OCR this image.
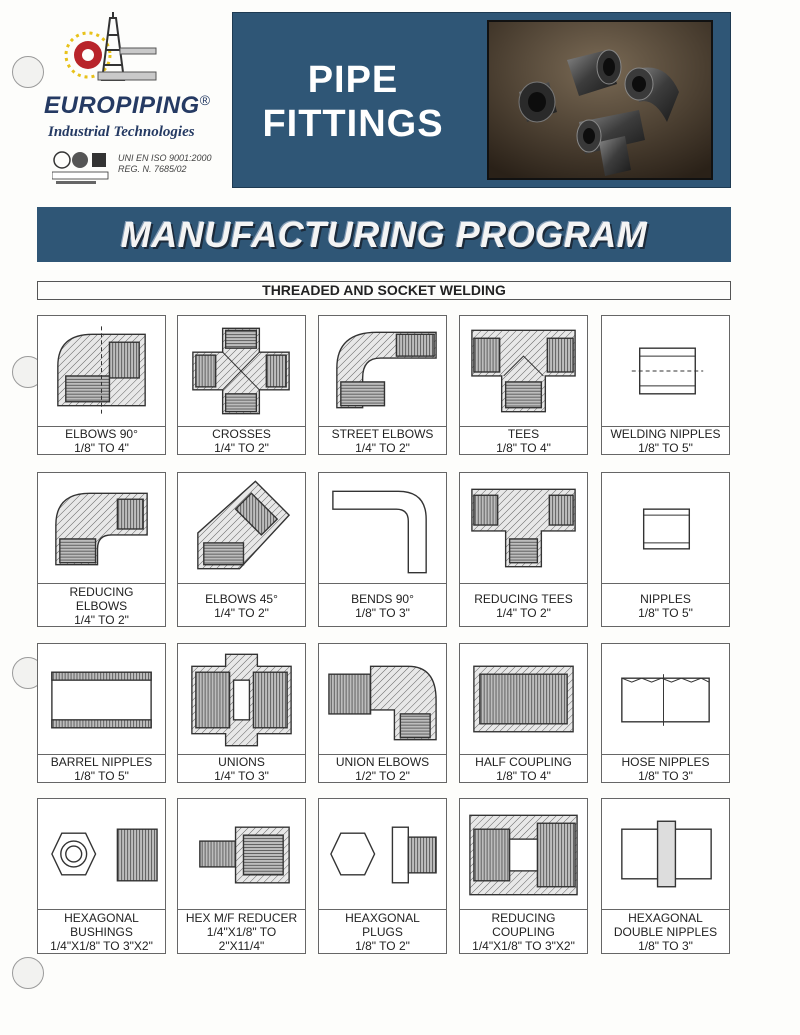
EUROPIPING®
Industrial Technologies
UNI EN ISO 9001:2000
REG. N. 7685/02
PIPE
FITTINGS
MANUFACTURING PROGRAM
THREADED AND SOCKET WELDING
ELBOWS 90°
1/8" TO 4"
CROSSES
1/4" TO 2"
STREET ELBOWS
1/4" TO 2"
TEES
1/8" TO 4"
WELDING NIPPLES
1/8" TO 5"
REDUCING
ELBOWS
1/4" TO 2"
ELBOWS 45°
1/4" TO 2"
BENDS 90°
1/8" TO 3"
REDUCING TEES
1/4" TO 2"
NIPPLES
1/8" TO 5"
BARREL NIPPLES
1/8" TO 5"
UNIONS
1/4" TO 3"
UNION ELBOWS
1/2" TO 2"
HALF COUPLING
1/8" TO 4"
HOSE NIPPLES
1/8" TO 3"
HEXAGONAL
BUSHINGS
1/4"X1/8" TO 3"X2"
HEX M/F REDUCER
1/4"X1/8" TO
2"X11/4"
HEAXGONAL
PLUGS
1/8" TO 2"
REDUCING
COUPLING
1/4"X1/8" TO 3"X2"
HEXAGONAL
DOUBLE NIPPLES
1/8" TO 3"
